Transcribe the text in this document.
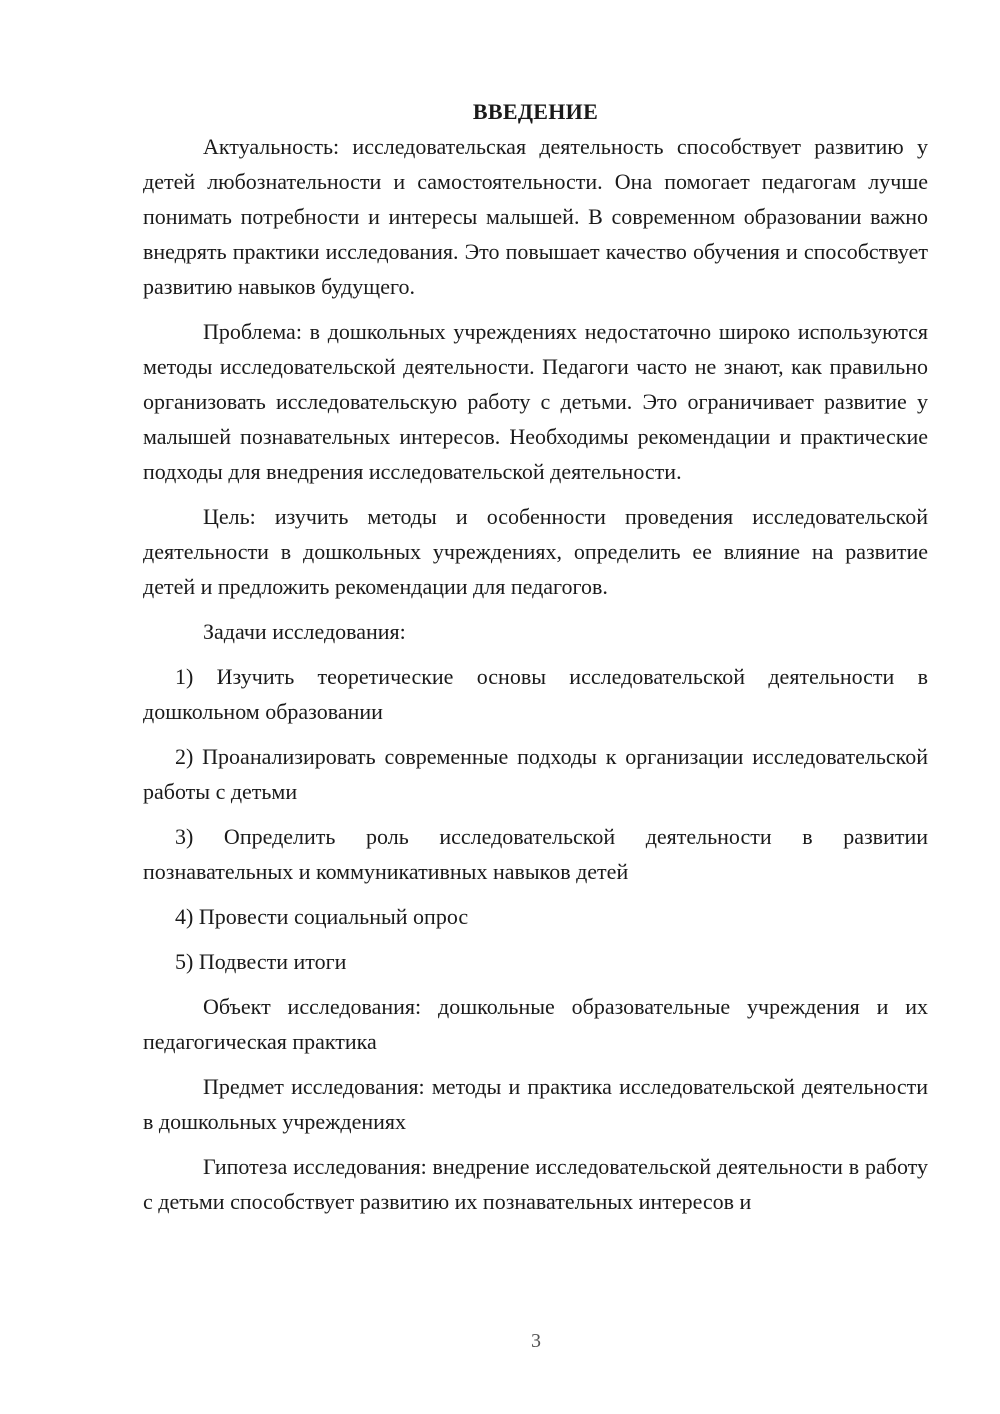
ВВЕДЕНИЕ

Актуальность: исследовательская деятельность способствует развитию у детей любознательности и самостоятельности. Она помогает педагогам лучше понимать потребности и интересы малышей. В современном образовании важно внедрять практики исследования. Это повышает качество обучения и способствует развитию навыков будущего.

Проблема: в дошкольных учреждениях недостаточно широко используются методы исследовательской деятельности. Педагоги часто не знают, как правильно организовать исследовательскую работу с детьми. Это ограничивает развитие у малышей познавательных интересов. Необходимы рекомендации и практические подходы для внедрения исследовательской деятельности.

Цель: изучить методы и особенности проведения исследовательской деятельности в дошкольных учреждениях, определить ее влияние на развитие детей и предложить рекомендации для педагогов.

Задачи исследования:

1) Изучить теоретические основы исследовательской деятельности в дошкольном образовании

2) Проанализировать современные подходы к организации исследовательской работы с детьми

3) Определить роль исследовательской деятельности в развитии познавательных и коммуникативных навыков детей

4) Провести социальный опрос

5) Подвести итоги

Объект исследования: дошкольные образовательные учреждения и их педагогическая практика

Предмет исследования: методы и практика исследовательской деятельности в дошкольных учреждениях

Гипотеза исследования: внедрение исследовательской деятельности в работу с детьми способствует развитию их познавательных интересов и

3
